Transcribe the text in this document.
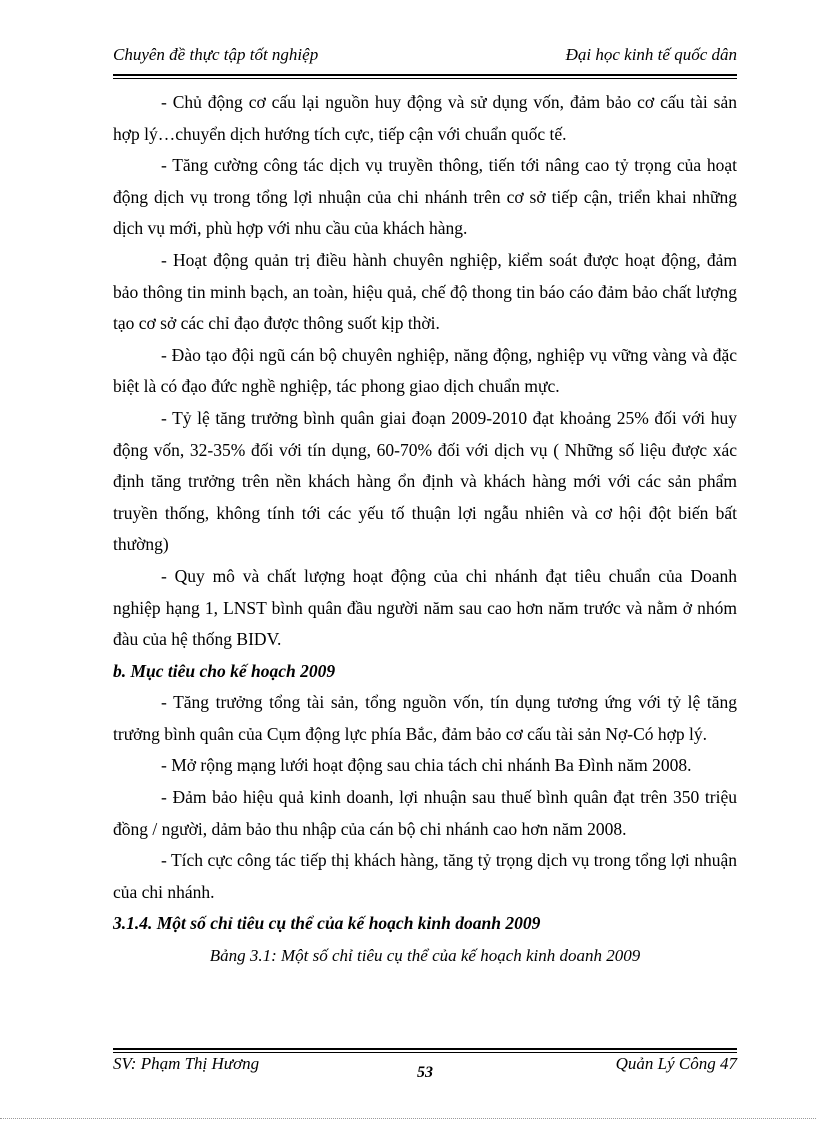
Chuyên đề thực tập tốt nghiệp	Đại học kinh tế quốc dân

- Chủ động cơ cấu lại nguồn huy động và sử dụng vốn, đảm bảo cơ cấu tài sản hợp lý…chuyển dịch hướng tích cực, tiếp cận với chuẩn quốc tế.

- Tăng cường công tác dịch vụ truyền thông, tiến tới nâng cao tỷ trọng của hoạt động dịch vụ trong tổng lợi nhuận của chi nhánh trên cơ sở tiếp cận, triển khai những dịch vụ mới, phù hợp với nhu cầu của khách hàng.

- Hoạt động quản trị điều hành chuyên nghiệp, kiểm soát được hoạt động, đảm bảo thông tin minh bạch, an toàn, hiệu quả, chế độ thong tin báo cáo đảm bảo chất lượng tạo cơ sở các chỉ đạo được thông suốt kịp thời.

- Đào tạo đội ngũ cán bộ chuyên nghiệp, năng động, nghiệp vụ vững vàng và đặc biệt là có đạo đức nghề nghiệp, tác phong giao dịch chuẩn mực.

- Tỷ lệ tăng trưởng bình quân giai đoạn 2009-2010 đạt khoảng 25% đối với huy động vốn, 32-35% đối với tín dụng, 60-70% đối với dịch vụ ( Những số liệu được xác định tăng trưởng trên nền khách hàng ổn định và khách hàng mới với các sản phẩm truyền thống, không tính tới các yếu tố thuận lợi ngẫu nhiên và cơ hội đột biến bất thường)

- Quy mô và chất lượng hoạt động của chi nhánh đạt tiêu chuẩn của Doanh nghiệp hạng 1, LNST bình quân đầu người năm sau cao hơn năm trước và nằm ở nhóm đàu của hệ thống BIDV.

b. Mục tiêu cho kế hoạch 2009

- Tăng trưởng tổng tài sản, tổng nguồn vốn, tín dụng tương ứng với tỷ lệ tăng trưởng bình quân của Cụm động lực phía Bắc, đảm bảo cơ cấu tài sản Nợ-Có hợp lý.

- Mở rộng mạng lưới hoạt động sau chia tách chi nhánh Ba Đình năm 2008.

- Đảm bảo hiệu quả kinh doanh, lợi nhuận sau thuế bình quân đạt trên 350 triệu đồng / người, dảm bảo thu nhập của cán bộ chi nhánh cao hơn năm 2008.

- Tích cực công tác tiếp thị khách hàng, tăng tỷ trọng dịch vụ trong tổng lợi nhuận của chi nhánh.

3.1.4. Một số chỉ tiêu cụ thể của kế hoạch kinh doanh 2009

Bảng 3.1: Một số chỉ tiêu cụ thể của kế hoạch kinh doanh 2009

SV: Phạm Thị Hương	53	Quản Lý Công 47
